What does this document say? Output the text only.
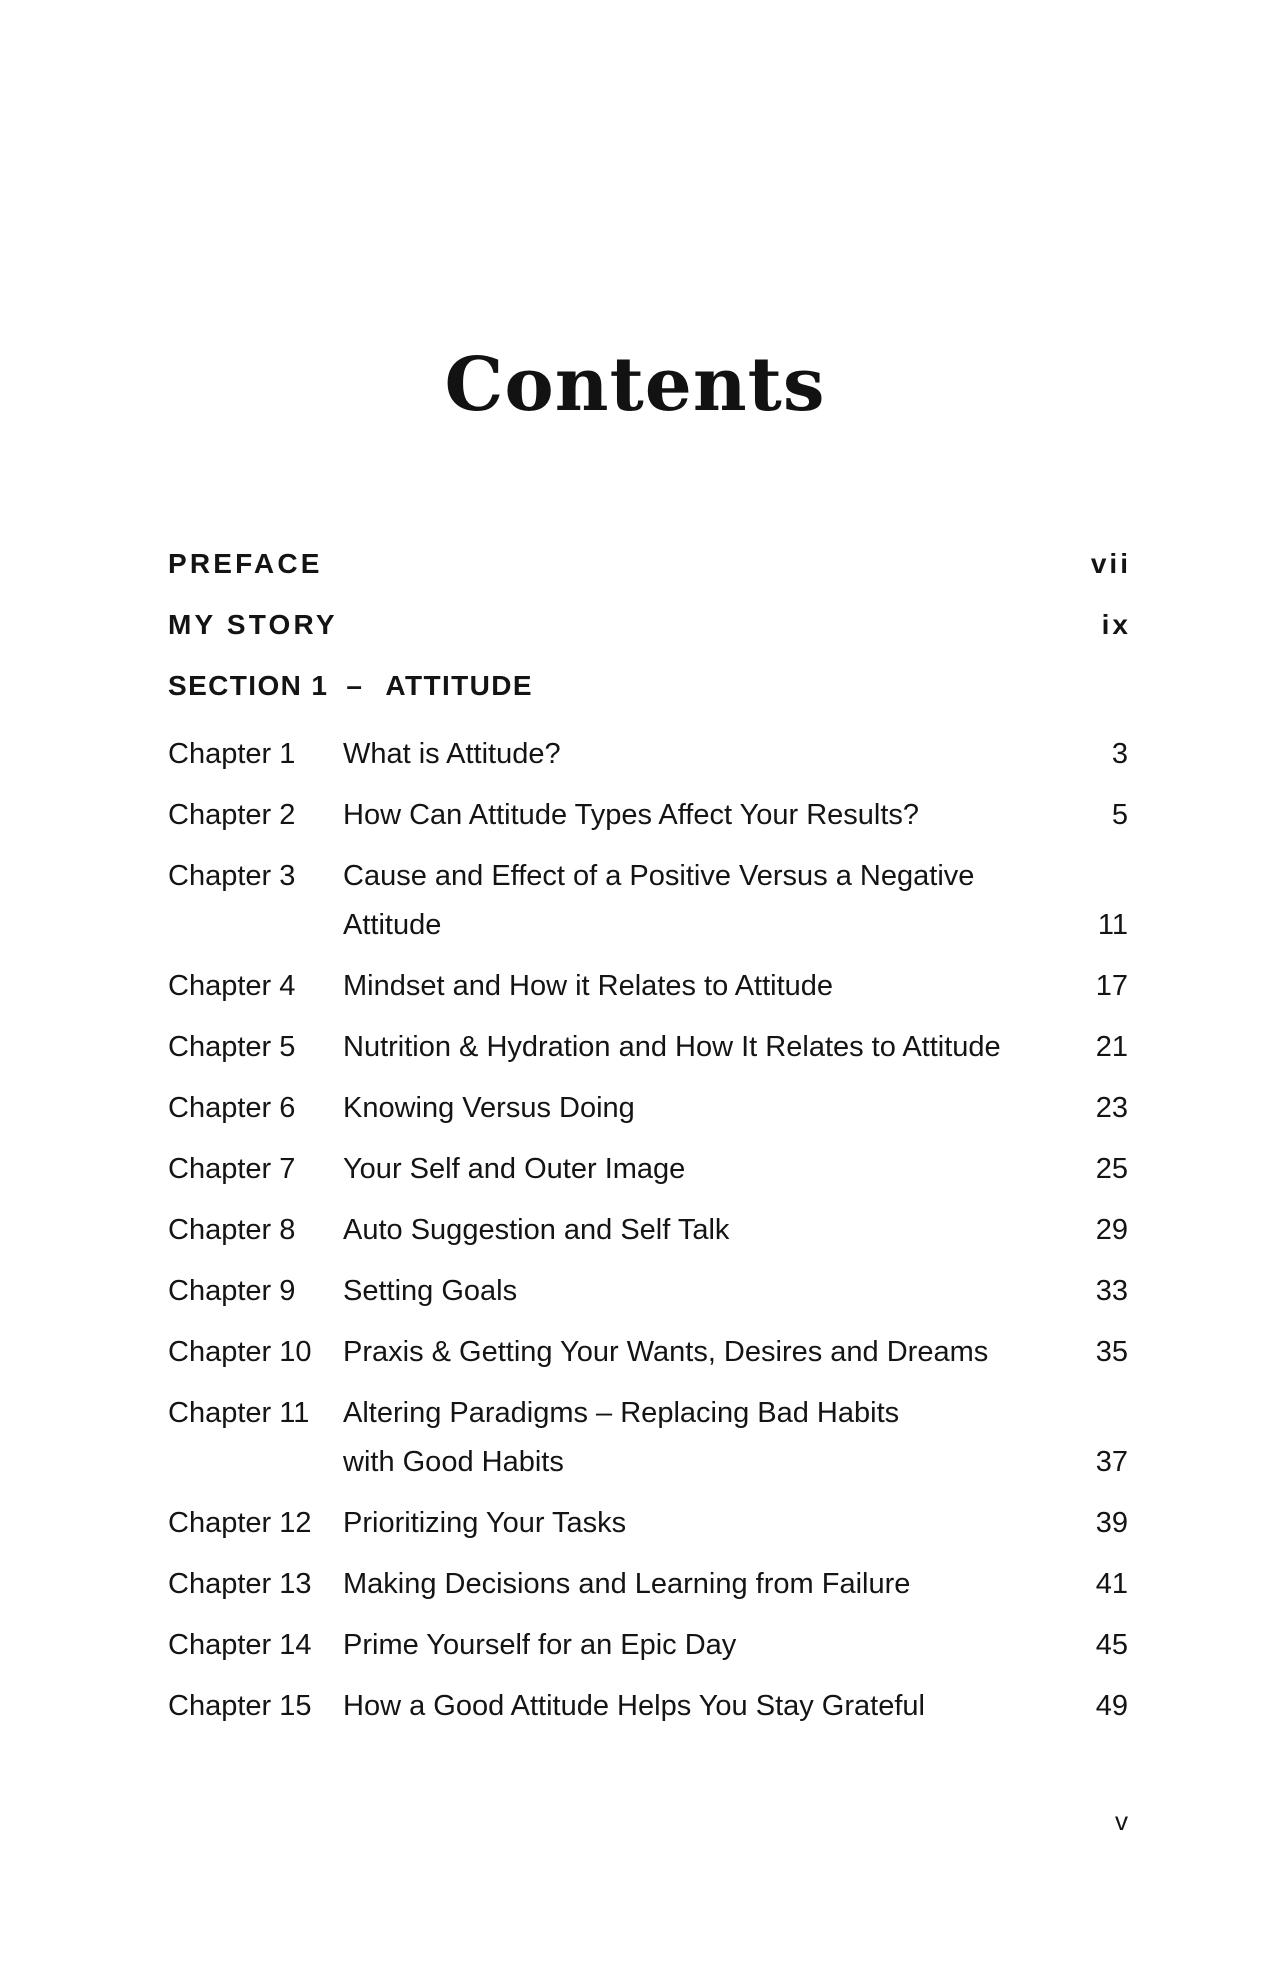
Contents
PREFACE	vii
MY STORY	ix
SECTION 1 – ATTITUDE
Chapter 1	What is Attitude?	3
Chapter 2	How Can Attitude Types Affect Your Results?	5
Chapter 3	Cause and Effect of a Positive Versus a Negative
Attitude	11
Chapter 4	Mindset and How it Relates to Attitude	17
Chapter 5	Nutrition & Hydration and How It Relates to Attitude	21
Chapter 6	Knowing Versus Doing	23
Chapter 7	Your Self and Outer Image	25
Chapter 8	Auto Suggestion and Self Talk	29
Chapter 9	Setting Goals	33
Chapter 10	Praxis & Getting Your Wants, Desires and Dreams	35
Chapter 11	Altering Paradigms – Replacing Bad Habits
with Good Habits	37
Chapter 12	Prioritizing Your Tasks	39
Chapter 13	Making Decisions and Learning from Failure	41
Chapter 14	Prime Yourself for an Epic Day	45
Chapter 15	How a Good Attitude Helps You Stay Grateful	49
v
